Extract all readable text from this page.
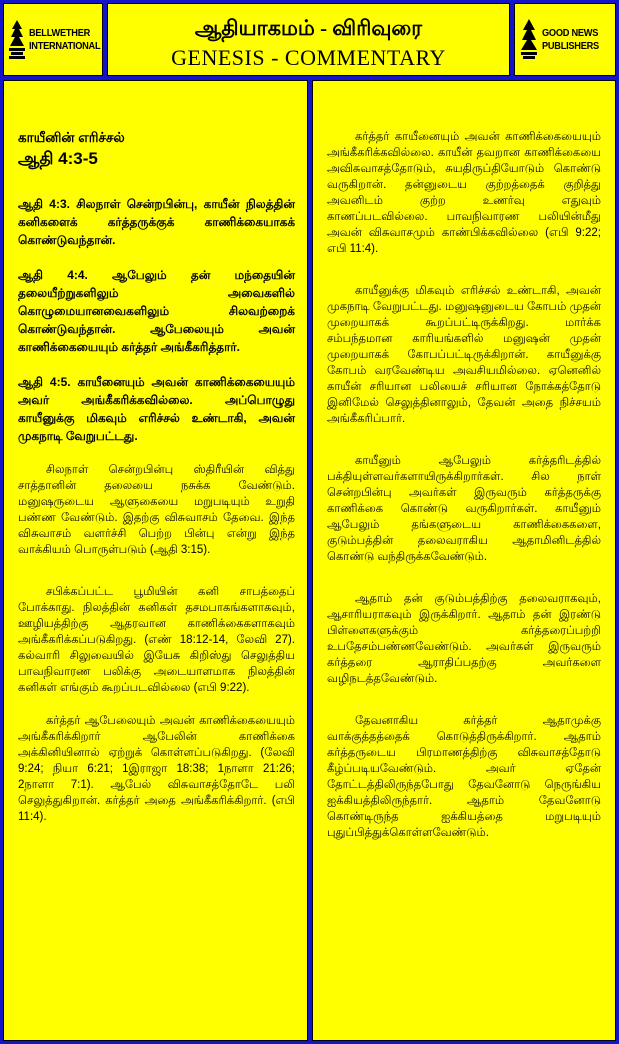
BELLWETHER
INTERNATIONAL
ஆதியாகமம் - விரிவுரை
GENESIS - COMMENTARY
GOOD NEWS
PUBLISHERS
காயீனின் எரிச்சல்
ஆதி 4:3-5

ஆதி 4:3. சிலநாள் சென்றபின்பு, காயீன் நிலத்தின் கனிகளைக் கர்த்தருக்குக் காணிக்கையாகக் கொண்டுவந்தான்.

ஆதி 4:4. ஆபேலும் தன் மந்தையின் தலையீற்றுகளிலும் அவைகளில் கொழுமையானவைகளிலும் சிலவற்றைக் கொண்டுவந்தான். ஆபேலையும் அவன் காணிக்கையையும் கர்த்தர் அங்கீகரித்தார்.

ஆதி 4:5. காயீனையும் அவன் காணிக்கையையும் அவர் அங்கீகரிக்கவில்லை. அப்பொழுது காயீனுக்கு மிகவும் எரிச்சல் உண்டாகி, அவன் முகநாடி வேறுபட்டது.

சிலநாள் சென்றபின்பு ஸ்திரீயின் வித்து சாத்தானின் தலையை நசுக்க வேண்டும். மனுஷருடைய ஆளுகையை மறுபடியும் உறுதி பண்ண வேண்டும். இதற்கு விசுவாசம் தேவை. இந்த விசுவாசம் வளர்ச்சி பெற்ற பின்பு என்று இந்த வாக்கியம் பொருள்படும் (ஆதி 3:15).

சபிக்கப்பட்ட பூமியின் கனி சாபத்தைப் போக்காது. நிலத்தின் கனிகள் தசமபாகங்களாகவும், ஊழியத்திற்கு ஆதரவான காணிக்கைகளாகவும் அங்கீகரிக்கப்படுகிறது. (எண் 18:12-14, லேவி 27). கல்வாரி சிலுவையில் இயேசு கிறிஸ்து செலுத்திய பாவநிவாரண பலிக்கு அடையாளமாக நிலத்தின் கனிகள் எங்கும் கூறப்படவில்லை (எபி 9:22).

கர்த்தர் ஆபேலையும் அவன் காணிக்கையையும் அங்கீகரிக்கிறார் ஆபேலின் காணிக்கை அக்கினியினால் ஏற்றுக் கொள்ளப்படுகிறது. (லேவி 9:24; நியா 6:21; 1இராஜா 18:38; 1நாளா 21:26; 2நாளா 7:1). ஆபேல் விசுவாசத்தோடே பலி செலுத்துகிறான். கர்த்தர் அதை அங்கீகரிக்கிறார். (எபி 11:4).

கர்த்தர் காயீனையும் அவன் காணிக்கையையும் அங்கீகரிக்கவில்லை. காயீன் தவறான காணிக்கையை அவிசுவாசத்தோடும், சுயதிருப்தியோடும் கொண்டு வருகிறான். தன்னுடைய குற்றத்தைக் குறித்து அவனிடம் குற்ற உணர்வு எதுவும் காணப்படவில்லை. பாவநிவாரண பலியின்மீது அவன் விசுவாசமும் காண்பிக்கவில்லை (எபி 9:22; எபி 11:4).

காயீனுக்கு மிகவும் எரிச்சல் உண்டாகி, அவன் முகநாடி வேறுபட்டது. மனுஷனுடைய கோபம் முதன் முறையாகக் கூறப்பட்டிருக்கிறது. மார்க்க சம்பந்தமான காரியங்களில் மனுஷன் முதன் முறையாகக் கோபப்பட்டிருக்கிறான். காயீனுக்கு கோபம் வரவேண்டிய அவசியமில்லை. ஏனெனில் காயீன் சரியான பலியைச் சரியான நோக்கத்தோடு இனிமேல் செலுத்தினாலும், தேவன் அதை நிச்சயம் அங்கீகரிப்பார்.

காயீனும் ஆபேலும் கர்த்தரிடத்தில் பக்தியுள்ளவர்களாயிருக்கிறார்கள். சில நாள் சென்றபின்பு அவர்கள் இருவரும் கர்த்தருக்கு காணிக்கை கொண்டு வருகிறார்கள். காயீனும் ஆபேலும் தங்களுடைய காணிக்கைகளை, குடும்பத்தின் தலைவராகிய ஆதாமினிடத்தில் கொண்டு வந்திருக்கவேண்டும்.

ஆதாம் தன் குடும்பத்திற்கு தலைவராகவும், ஆசாரியராகவும் இருக்கிறார். ஆதாம் தன் இரண்டு பிள்ளைகளுக்கும் கர்த்தரைப்பற்றி உபதேசம்பண்ணவேண்டும். அவர்கள் இருவரும் கர்த்தரை ஆராதிப்பதற்கு அவர்களை வழிநடத்தவேண்டும்.

தேவனாகிய கர்த்தர் ஆதாமுக்கு வாக்குத்தத்தைக் கொடுத்திருக்கிறார். ஆதாம் கர்த்தருடைய பிரமாணத்திற்கு விசுவாசத்தோடு கீழ்ப்படியவேண்டும். அவர் ஏதேன் தோட்டத்திலிருந்தபோது தேவனோடு நெருங்கிய ஐக்கியத்திலிருந்தார். ஆதாம் தேவனோடு கொண்டிருந்த ஐக்கியத்தை மறுபடியும் புதுப்பித்துக்கொள்ளவேண்டும்.
